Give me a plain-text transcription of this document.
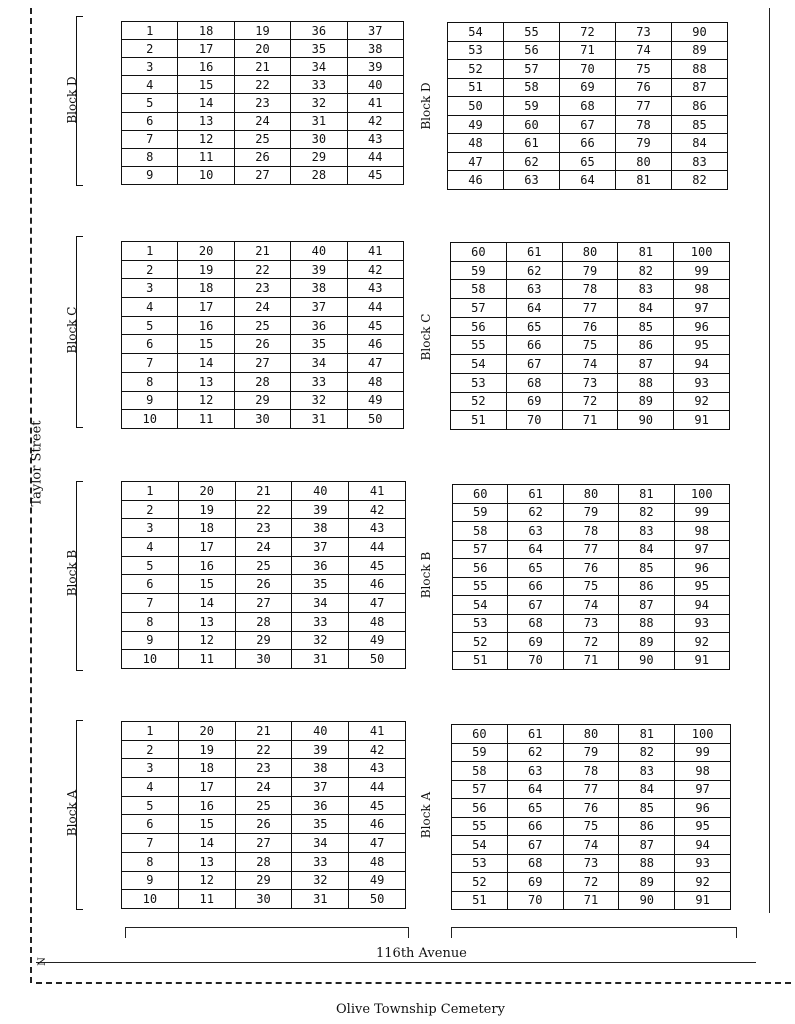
Taylor Street
116th Avenue
N
Olive Township Cemetery
Block D
1	18	19	36	37
2	17	20	35	38
3	16	21	34	39
4	15	22	33	40
5	14	23	32	41
6	13	24	31	42
7	12	25	30	43
8	11	26	29	44
9	10	27	28	45
Block D
54	55	72	73	90
53	56	71	74	89
52	57	70	75	88
51	58	69	76	87
50	59	68	77	86
49	60	67	78	85
48	61	66	79	84
47	62	65	80	83
46	63	64	81	82
Block C
1	20	21	40	41
2	19	22	39	42
3	18	23	38	43
4	17	24	37	44
5	16	25	36	45
6	15	26	35	46
7	14	27	34	47
8	13	28	33	48
9	12	29	32	49
10	11	30	31	50
Block C
60	61	80	81	100
59	62	79	82	99
58	63	78	83	98
57	64	77	84	97
56	65	76	85	96
55	66	75	86	95
54	67	74	87	94
53	68	73	88	93
52	69	72	89	92
51	70	71	90	91
Block B
1	20	21	40	41
2	19	22	39	42
3	18	23	38	43
4	17	24	37	44
5	16	25	36	45
6	15	26	35	46
7	14	27	34	47
8	13	28	33	48
9	12	29	32	49
10	11	30	31	50
Block B
60	61	80	81	100
59	62	79	82	99
58	63	78	83	98
57	64	77	84	97
56	65	76	85	96
55	66	75	86	95
54	67	74	87	94
53	68	73	88	93
52	69	72	89	92
51	70	71	90	91
Block A
1	20	21	40	41
2	19	22	39	42
3	18	23	38	43
4	17	24	37	44
5	16	25	36	45
6	15	26	35	46
7	14	27	34	47
8	13	28	33	48
9	12	29	32	49
10	11	30	31	50
Block A
60	61	80	81	100
59	62	79	82	99
58	63	78	83	98
57	64	77	84	97
56	65	76	85	96
55	66	75	86	95
54	67	74	87	94
53	68	73	88	93
52	69	72	89	92
51	70	71	90	91
